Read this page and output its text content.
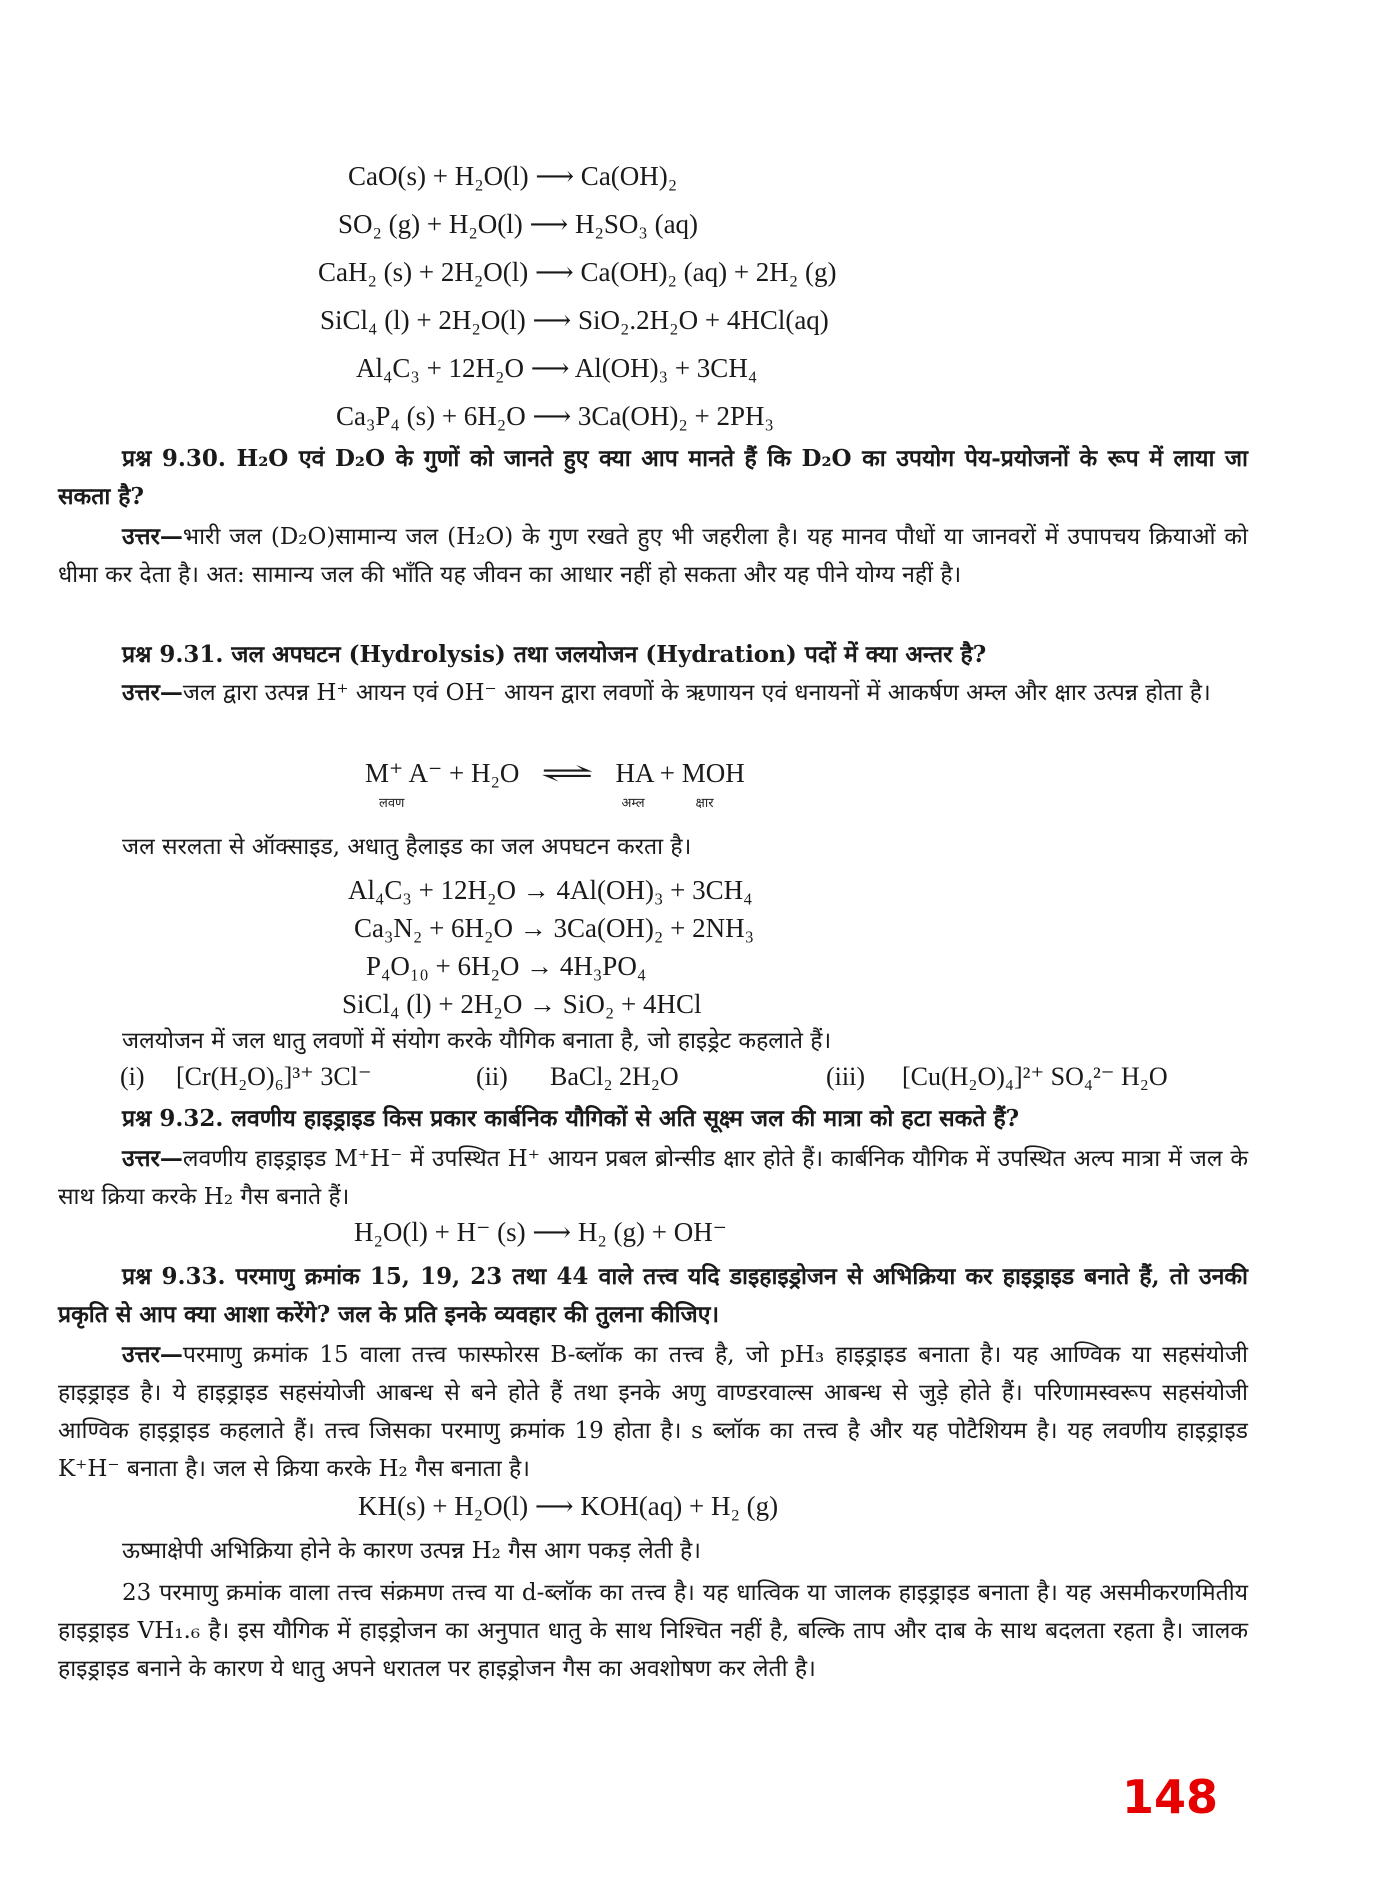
CaO(s) + H₂O(l) ⟶ Ca(OH)₂
SO₂ (g) + H₂O(l) ⟶ H₂SO₃ (aq)
CaH₂ (s) + 2H₂O(l) ⟶ Ca(OH)₂ (aq) + 2H₂ (g)
SiCl₄ (l) + 2H₂O(l) ⟶ SiO₂.2H₂O + 4HCl(aq)
Al₄C₃ + 12H₂O ⟶ Al(OH)₃ + 3CH₄
Ca₃P₄ (s) + 6H₂O ⟶ 3Ca(OH)₂ + 2PH₃
प्रश्न 9.30. H₂O एवं D₂O के गुणों को जानते हुए क्या आप मानते हैं कि D₂O का उपयोग पेय-प्रयोजनों के रूप में लाया जा सकता है?
उत्तर—भारी जल (D₂O)सामान्य जल (H₂O) के गुण रखते हुए भी जहरीला है। यह मानव पौधों या जानवरों में उपापचय क्रियाओं को धीमा कर देता है। अत: सामान्य जल की भाँति यह जीवन का आधार नहीं हो सकता और यह पीने योग्य नहीं है।
प्रश्न 9.31. जल अपघटन (Hydrolysis) तथा जलयोजन (Hydration) पदों में क्या अन्तर है?
उत्तर—जल द्वारा उत्पन्न H⁺ आयन एवं OH⁻ आयन द्वारा लवणों के ऋणायन एवं धनायनों में आकर्षण अम्ल और क्षार उत्पन्न होता है।
M⁺ A⁻ + H₂O
लवण
⇌ HA + MOH
अम्ल	क्षार
जल सरलता से ऑक्साइड, अधातु हैलाइड का जल अपघटन करता है।
Al₄C₃ + 12H₂O → 4Al(OH)₃ + 3CH₄
Ca₃N₂ + 6H₂O → 3Ca(OH)₂ + 2NH₃
P₄O₁₀ + 6H₂O → 4H₃PO₄
SiCl₄ (l) + 2H₂O → SiO₂ + 4HCl
जलयोजन में जल धातु लवणों में संयोग करके यौगिक बनाता है, जो हाइड्रेट कहलाते हैं।
(i) [Cr(H₂O)₆]³⁺ 3Cl⁻	(ii) BaCl₂ 2H₂O	(iii) [Cu(H₂O)₄]²⁺ SO₄²⁻ H₂O
प्रश्न 9.32. लवणीय हाइड्राइड किस प्रकार कार्बनिक यौगिकों से अति सूक्ष्म जल की मात्रा को हटा सकते हैं?
उत्तर—लवणीय हाइड्राइड M⁺H⁻ में उपस्थित H⁺ आयन प्रबल ब्रोन्सीड क्षार होते हैं। कार्बनिक यौगिक में उपस्थित अल्प मात्रा में जल के साथ क्रिया करके H₂ गैस बनाते हैं।
H₂O(l) + H⁻ (s) ⟶ H₂ (g) + OH⁻
प्रश्न 9.33. परमाणु क्रमांक 15, 19, 23 तथा 44 वाले तत्त्व यदि डाइहाइड्रोजन से अभिक्रिया कर हाइड्राइड बनाते हैं, तो उनकी प्रकृति से आप क्या आशा करेंगे? जल के प्रति इनके व्यवहार की तुलना कीजिए।
उत्तर—परमाणु क्रमांक 15 वाला तत्त्व फास्फोरस B-ब्लॉक का तत्त्व है, जो pH₃ हाइड्राइड बनाता है। यह आण्विक या सहसंयोजी हाइड्राइड है। ये हाइड्राइड सहसंयोजी आबन्ध से बने होते हैं तथा इनके अणु वाण्डरवाल्स आबन्ध से जुड़े होते हैं। परिणामस्वरूप सहसंयोजी आण्विक हाइड्राइड कहलाते हैं। तत्त्व जिसका परमाणु क्रमांक 19 होता है। s ब्लॉक का तत्त्व है और यह पोटैशियम है। यह लवणीय हाइड्राइड K⁺H⁻ बनाता है। जल से क्रिया करके H₂ गैस बनाता है।
KH(s) + H₂O(l) ⟶ KOH(aq) + H₂ (g)
ऊष्माक्षेपी अभिक्रिया होने के कारण उत्पन्न H₂ गैस आग पकड़ लेती है।
23 परमाणु क्रमांक वाला तत्त्व संक्रमण तत्त्व या d-ब्लॉक का तत्त्व है। यह धात्विक या जालक हाइड्राइड बनाता है। यह असमीकरणमितीय हाइड्राइड VH₁.₆ है। इस यौगिक में हाइड्रोजन का अनुपात धातु के साथ निश्चित नहीं है, बल्कि ताप और दाब के साथ बदलता रहता है। जालक हाइड्राइड बनाने के कारण ये धातु अपने धरातल पर हाइड्रोजन गैस का अवशोषण कर लेती है।
148
